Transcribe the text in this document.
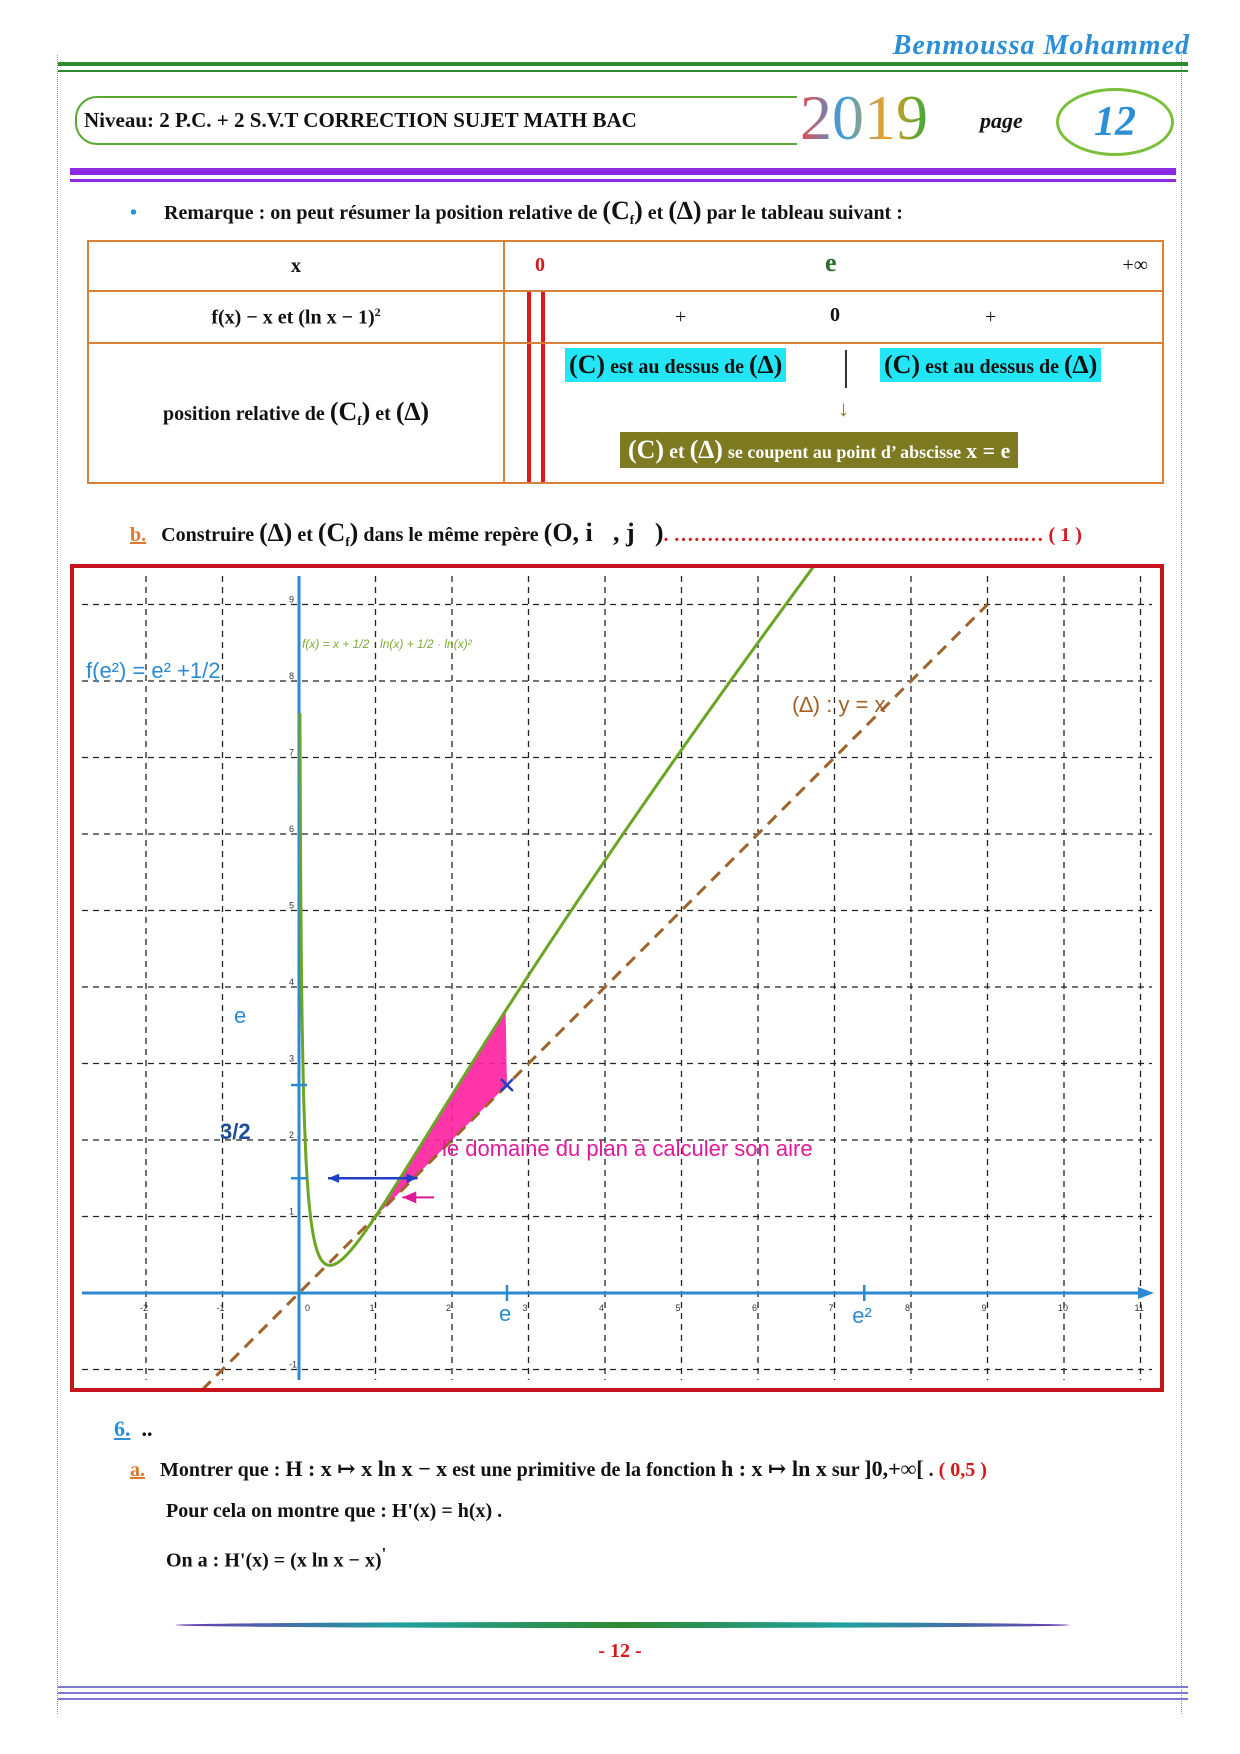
Benmoussa Mohammed
Niveau: 2 P.C. + 2 S.V.T CORRECTION SUJET MATH BAC	2019 page	12
• Remarque : on peut résumer la position relative de $(C_f)$ et (∆) par le tableau suivant :
x	0 e +∞

f(x) − x et (ln x − 1)$^2$	+ 0 +

position relative de $(C_f)$ et (∆)	(C) est au dessus de (∆) (C) est au dessus de (∆)
↓
(C) et (∆) se coupent au point d’ abscisse x = e
b. Construire (∆) et $(C_f)$ dans le même repère (O, i⃗, j⃗). ……………………………………………..… ( 1 )
-2	-1	0	1	2	3	4	5	6	7	8	9	10	11
-1
1
2
3
4
5
6
7
8
9
f(x) = x + 1/2 · ln(x) + 1/2 · ln(x)²
f(e²) = e² +1/2
(∆) : y = x
e
3/2
le domaine du plan à calculer son aire
e	e²
6. ..
a. Montrer que : H : x ↦ x ln x − x est une primitive de la fonction h : x ↦ ln x sur ]0,+∞[ . ( 0,5 )
Pour cela on montre que : H'(x) = h(x) .
On a : H'(x) = (x ln x − x)'
- 12 -
